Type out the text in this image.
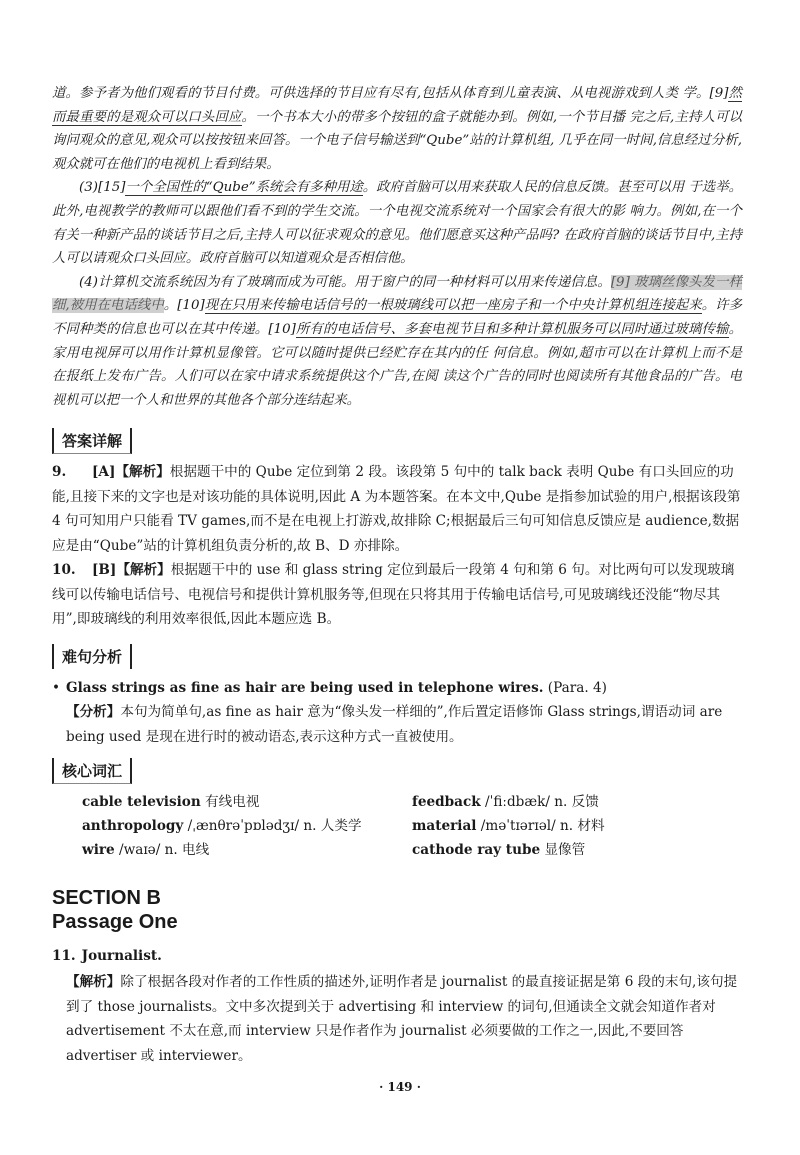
道。参予者为他们观看的节目付费。可供选择的节目应有尽有,包括从体育到儿童表演、从电视游戏到人类 学。[9]然而最重要的是观众可以口头回应。一个书本大小的带多个按钮的盒子就能办到。例如,一个节目播 完之后,主持人可以询问观众的意见,观众可以按按钮来回答。一个电子信号输送到“Qube”站的计算机组, 几乎在同一时间,信息经过分析,观众就可在他们的电视机上看到结果。

(3)[15]一个全国性的“Qube”系统会有多种用途。政府首脑可以用来获取人民的信息反馈。甚至可以用 于选举。此外,电视教学的教师可以跟他们看不到的学生交流。一个电视交流系统对一个国家会有很大的影 响力。例如,在一个有关一种新产品的谈话节目之后,主持人可以征求观众的意见。他们愿意买这种产品吗? 在政府首脑的谈话节目中,主持人可以请观众口头回应。政府首脑可以知道观众是否相信他。

(4)计算机交流系统因为有了玻璃而成为可能。用于窗户的同一种材料可以用来传递信息。[9] 玻璃丝像头发一样细,被用在电话线中。[10]现在只用来传输电话信号的一根玻璃线可以把一座房子和一个中央计算机组连接起来。许多不同种类的信息也可以在其中传递。[10]所有的电话信号、多套电视节目和多种计算机服务可以同时通过玻璃传输。家用电视屏可以用作计算机显像管。它可以随时提供已经贮存在其内的任 何信息。例如,超市可以在计算机上而不是在报纸上发布广告。人们可以在家中请求系统提供这个广告,在阅 读这个广告的同时也阅读所有其他食品的广告。电视机可以把一个人和世界的其他各个部分连结起来。

答案详解
9. [A]【解析】根据题干中的 Qube 定位到第 2 段。该段第 5 句中的 talk back 表明 Qube 有口头回应的功能,且接下来的文字也是对该功能的具体说明,因此 A 为本题答案。在本文中,Qube 是指参加试验的用户,根据该段第 4 句可知用户只能看 TV games,而不是在电视上打游戏,故排除 C;根据最后三句可知信息反馈应是 audience,数据应是由“Qube”站的计算机组负责分析的,故 B、D 亦排除。
10. [B]【解析】根据题干中的 use 和 glass string 定位到最后一段第 4 句和第 6 句。对比两句可以发现玻璃线可以传输电话信号、电视信号和提供计算机服务等,但现在只将其用于传输电话信号,可见玻璃线还没能“物尽其用”,即玻璃线的利用效率很低,因此本题应选 B。
难句分析
• Glass strings as fine as hair are being used in telephone wires. (Para. 4)
【分析】本句为简单句,as fine as hair 意为“像头发一样细的”,作后置定语修饰 Glass strings,谓语动词 are being used 是现在进行时的被动语态,表示这种方式一直被使用。
核心词汇
cable television 有线电视	feedback /ˈfiːdbæk/ n. 反馈
anthropology /ˌænθrəˈpɒlədʒɪ/ n. 人类学	material /məˈtɪərɪəl/ n. 材料
wire /waɪə/ n. 电线	cathode ray tube 显像管
SECTION B
Passage One
11. Journalist.
【解析】除了根据各段对作者的工作性质的描述外,证明作者是 journalist 的最直接证据是第 6 段的末句,该句提到了 those journalists。文中多次提到关于 advertising 和 interview 的词句,但通读全文就会知道作者对 advertisement 不太在意,而 interview 只是作者作为 journalist 必须要做的工作之一,因此,不要回答 advertiser 或 interviewer。
· 149 ·
